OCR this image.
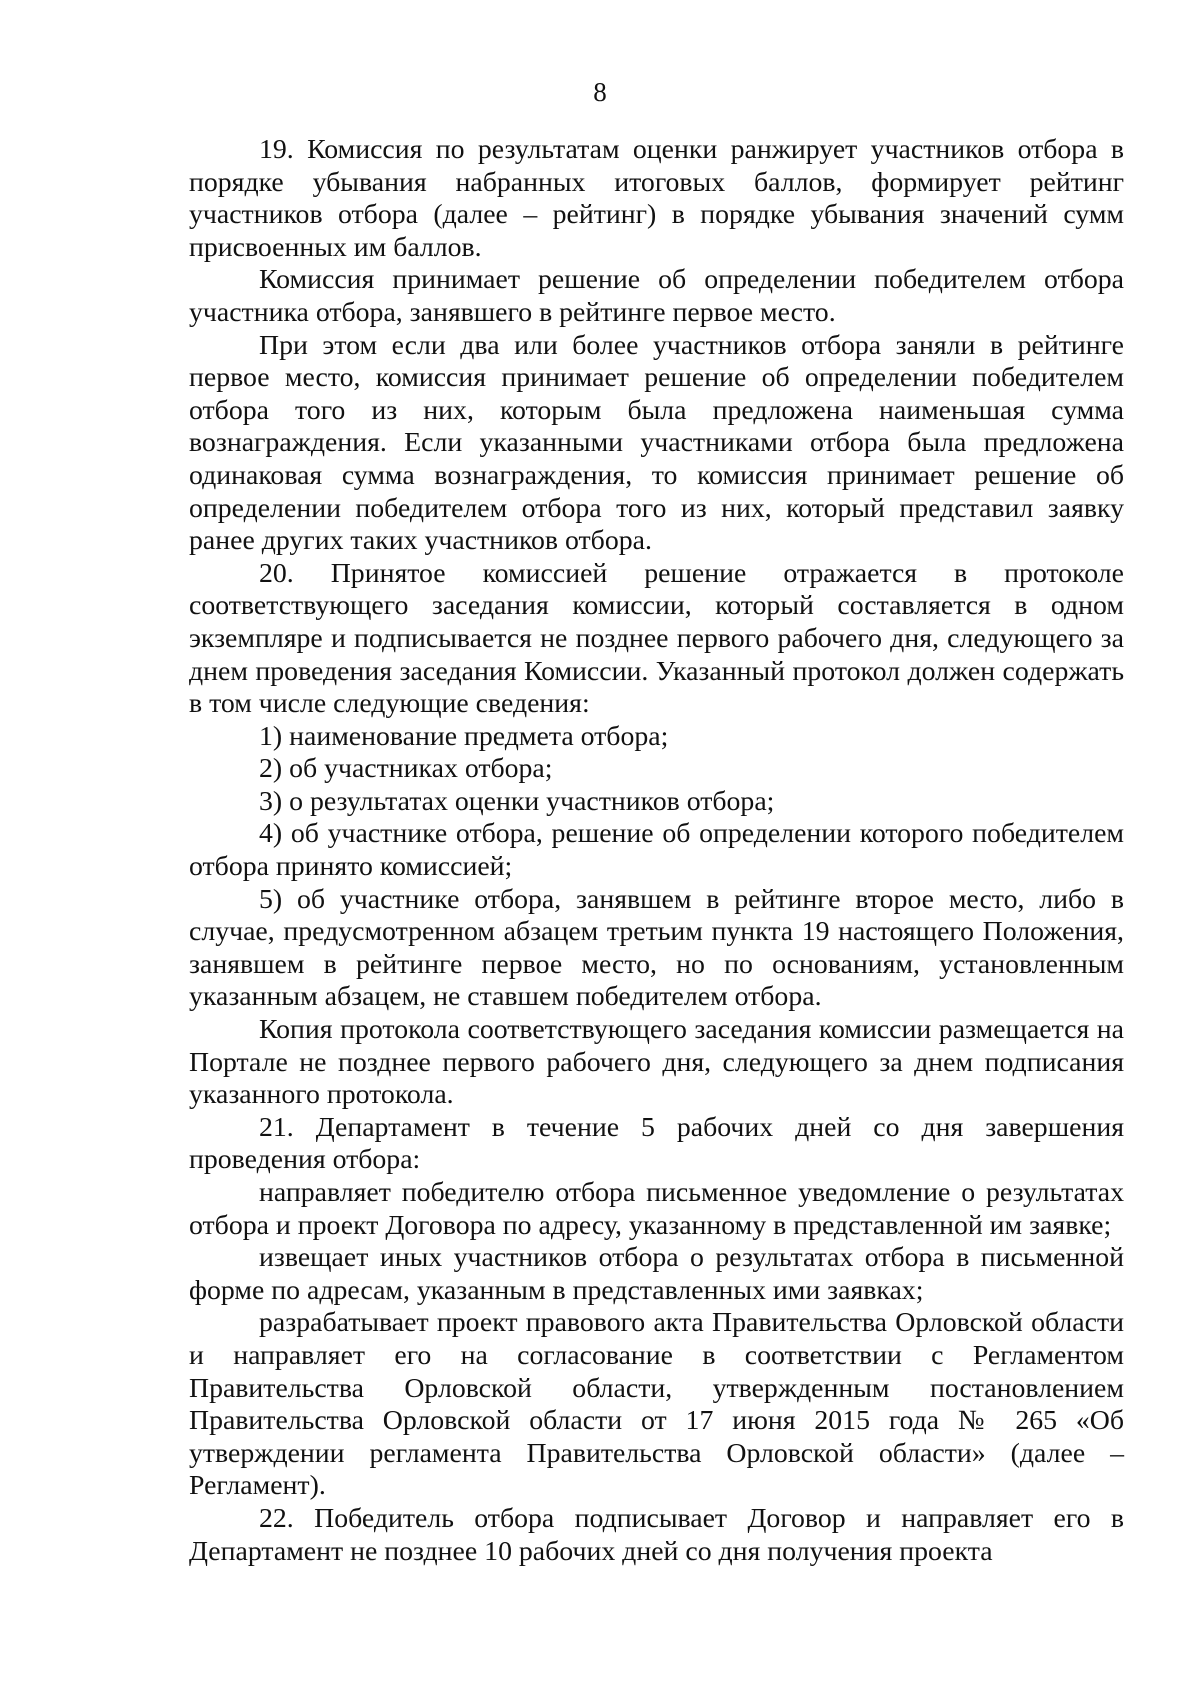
8

19. Комиссия по результатам оценки ранжирует участников отбора в порядке убывания набранных итоговых баллов, формирует рейтинг участников отбора (далее – рейтинг) в порядке убывания значений сумм присвоенных им баллов.

Комиссия принимает решение об определении победителем отбора участника отбора, занявшего в рейтинге первое место.

При этом если два или более участников отбора заняли в рейтинге первое место, комиссия принимает решение об определении победителем отбора того из них, которым была предложена наименьшая сумма вознаграждения. Если указанными участниками отбора была предложена одинаковая сумма вознаграждения, то комиссия принимает решение об определении победителем отбора того из них, который представил заявку ранее других таких участников отбора.

20. Принятое комиссией решение отражается в протоколе соответствующего заседания комиссии, который составляется в одном экземпляре и подписывается не позднее первого рабочего дня, следующего за днем проведения заседания Комиссии. Указанный протокол должен содержать в том числе следующие сведения:

1) наименование предмета отбора;

2) об участниках отбора;

3) о результатах оценки участников отбора;

4) об участнике отбора, решение об определении которого победителем отбора принято комиссией;

5) об участнике отбора, занявшем в рейтинге второе место, либо в случае, предусмотренном абзацем третьим пункта 19 настоящего Положения, занявшем в рейтинге первое место, но по основаниям, установленным указанным абзацем, не ставшем победителем отбора.

Копия протокола соответствующего заседания комиссии размещается на Портале не позднее первого рабочего дня, следующего за днем подписания указанного протокола.

21. Департамент в течение 5 рабочих дней со дня завершения проведения отбора:

направляет победителю отбора письменное уведомление о результатах отбора и проект Договора по адресу, указанному в представленной им заявке;

извещает иных участников отбора о результатах отбора в письменной форме по адресам, указанным в представленных ими заявках;

разрабатывает проект правового акта Правительства Орловской области и направляет его на согласование в соответствии с Регламентом Правительства Орловской области, утвержденным постановлением Правительства Орловской области от 17 июня 2015 года № 265 «Об утверждении регламента Правительства Орловской области» (далее – Регламент).

22. Победитель отбора подписывает Договор и направляет его в Департамент не позднее 10 рабочих дней со дня получения проекта
